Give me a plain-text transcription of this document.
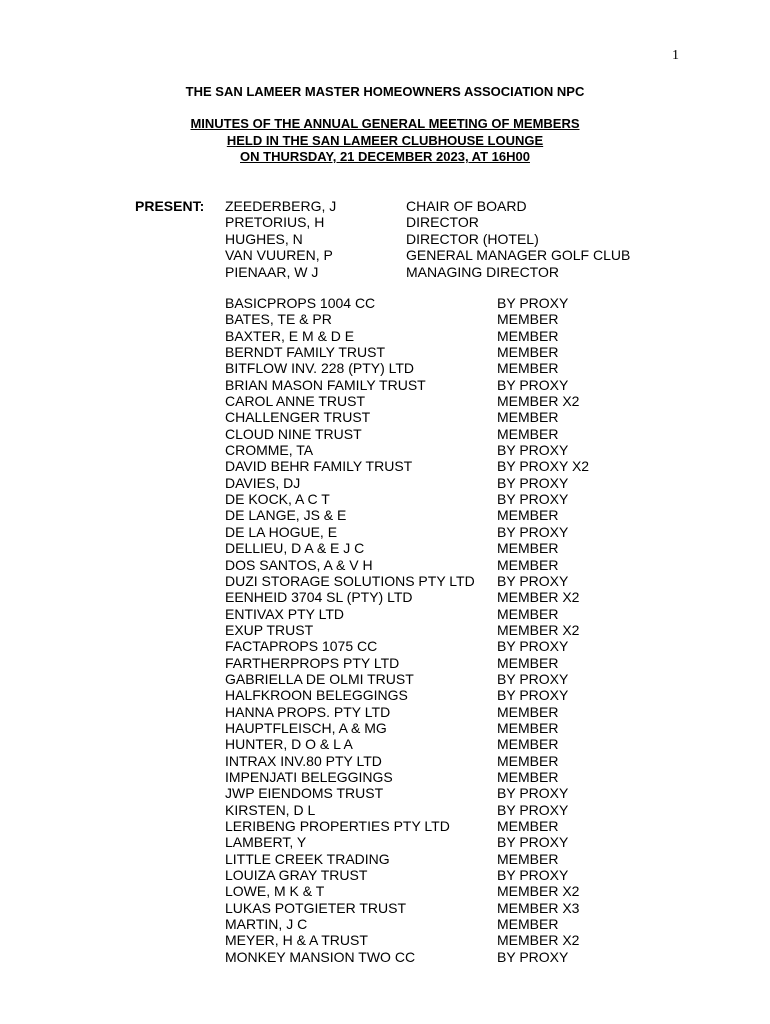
1
THE SAN LAMEER MASTER HOMEOWNERS ASSOCIATION NPC
MINUTES OF THE ANNUAL GENERAL MEETING OF MEMBERS
HELD IN THE SAN LAMEER CLUBHOUSE LOUNGE
ON THURSDAY, 21 DECEMBER 2023, AT 16H00
PRESENT: ZEEDERBERG, J	CHAIR OF BOARD
PRETORIUS, H	DIRECTOR
HUGHES, N	DIRECTOR (HOTEL)
VAN VUUREN, P	GENERAL MANAGER GOLF CLUB
PIENAAR, W J	MANAGING DIRECTOR
BASICPROPS 1004 CC	BY PROXY
BATES, TE & PR	MEMBER
BAXTER, E M & D E	MEMBER
BERNDT FAMILY TRUST	MEMBER
BITFLOW INV. 228 (PTY) LTD	MEMBER
BRIAN MASON FAMILY TRUST	BY PROXY
CAROL ANNE TRUST	MEMBER X2
CHALLENGER TRUST	MEMBER
CLOUD NINE TRUST	MEMBER
CROMME, TA	BY PROXY
DAVID BEHR FAMILY TRUST	BY PROXY X2
DAVIES, DJ	BY PROXY
DE KOCK, A C T	BY PROXY
DE LANGE, JS & E	MEMBER
DE LA HOGUE, E	BY PROXY
DELLIEU, D A & E J C	MEMBER
DOS SANTOS, A & V H	MEMBER
DUZI STORAGE SOLUTIONS PTY LTD	BY PROXY
EENHEID 3704 SL (PTY) LTD	MEMBER X2
ENTIVAX PTY LTD	MEMBER
EXUP TRUST	MEMBER X2
FACTAPROPS 1075 CC	BY PROXY
FARTHERPROPS PTY LTD	MEMBER
GABRIELLA DE OLMI TRUST	BY PROXY
HALFKROON BELEGGINGS	BY PROXY
HANNA PROPS. PTY LTD	MEMBER
HAUPTFLEISCH, A & MG	MEMBER
HUNTER, D O & L A	MEMBER
INTRAX INV.80 PTY LTD	MEMBER
IMPENJATI BELEGGINGS	MEMBER
JWP EIENDOMS TRUST	BY PROXY
KIRSTEN, D L	BY PROXY
LERIBENG PROPERTIES PTY LTD	MEMBER
LAMBERT, Y	BY PROXY
LITTLE CREEK TRADING	MEMBER
LOUIZA GRAY TRUST	BY PROXY
LOWE, M K & T	MEMBER X2
LUKAS POTGIETER TRUST	MEMBER X3
MARTIN, J C	MEMBER
MEYER, H & A TRUST	MEMBER X2
MONKEY MANSION TWO CC	BY PROXY
